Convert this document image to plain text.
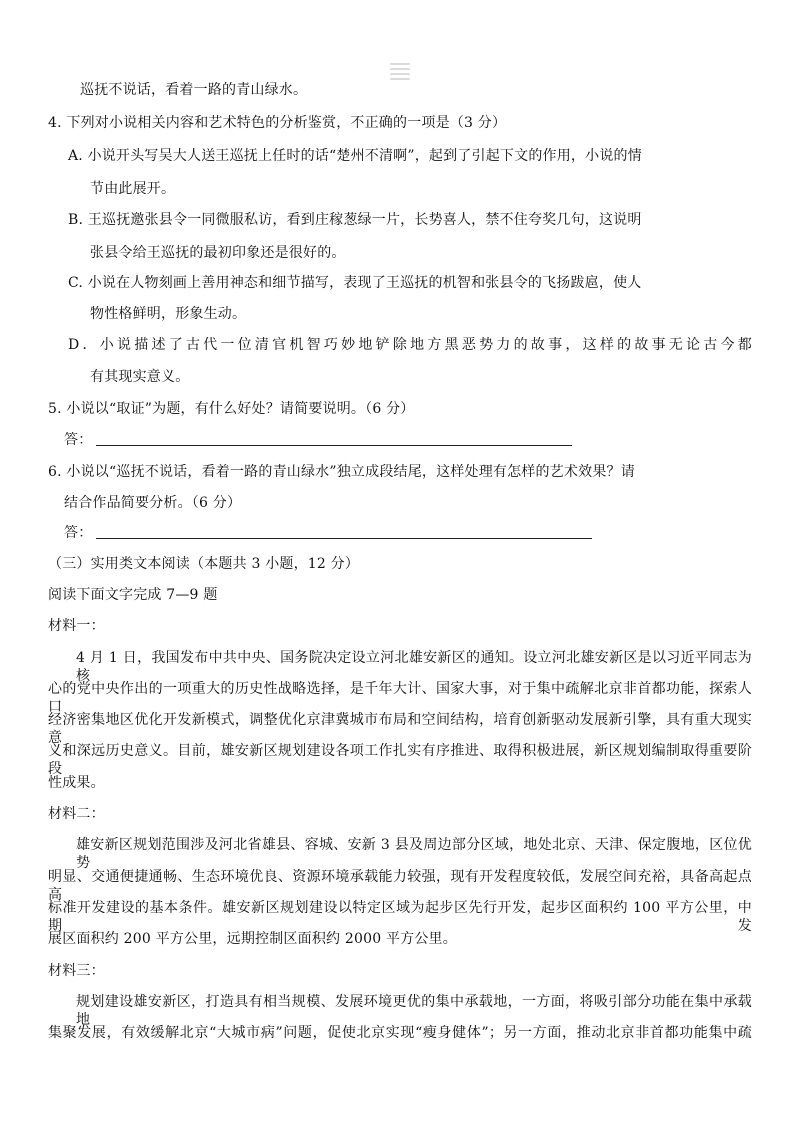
巡抚不说话，看着一路的青山绿水。
4. 下列对小说相关内容和艺术特色的分析鉴赏，不正确的一项是（3 分）
A. 小说开头写吴大人送王巡抚上任时的话“楚州不清啊”，起到了引起下文的作用，小说的情
节由此展开。
B. 王巡抚邀张县令一同微服私访，看到庄稼葱绿一片，长势喜人，禁不住夸奖几句，这说明
张县令给王巡抚的最初印象还是很好的。
C. 小说在人物刻画上善用神态和细节描写，表现了王巡抚的机智和张县令的飞扬跋扈，使人
物性格鲜明，形象生动。
D．小说描述了古代一位清官机智巧妙地铲除地方黑恶势力的故事，这样的故事无论古今都
有其现实意义。
5. 小说以“取证”为题，有什么好处？请简要说明。（6 分）
答：
6. 小说以“巡抚不说话，看着一路的青山绿水”独立成段结尾，这样处理有怎样的艺术效果？请
结合作品简要分析。（6 分）
答：
（三）实用类文本阅读（本题共 3 小题，12 分）
阅读下面文字完成 7—9 题
材料一：
4 月 1 日，我国发布中共中央、国务院决定设立河北雄安新区的通知。设立河北雄安新区是以习近平同志为核
心的党中央作出的一项重大的历史性战略选择，是千年大计、国家大事，对于集中疏解北京非首都功能，探索人口
经济密集地区优化开发新模式，调整优化京津冀城市布局和空间结构，培育创新驱动发展新引擎，具有重大现实意
义和深远历史意义。目前，雄安新区规划建设各项工作扎实有序推进、取得积极进展，新区规划编制取得重要阶段
性成果。
材料二：
雄安新区规划范围涉及河北省雄县、容城、安新 3 县及周边部分区域，地处北京、天津、保定腹地，区位优势
明显、交通便捷通畅、生态环境优良、资源环境承载能力较强，现有开发程度较低，发展空间充裕，具备高起点高
标准开发建设的基本条件。雄安新区规划建设以特定区域为起步区先行开发，起步区面积约 100 平方公里，中期发
展区面积约 200 平方公里，远期控制区面积约 2000 平方公里。
材料三：
规划建设雄安新区，打造具有相当规模、发展环境更优的集中承载地，一方面，将吸引部分功能在集中承载地
集聚发展，有效缓解北京“大城市病”问题，促使北京实现“瘦身健体”；另一方面，推动北京非首都功能集中疏
